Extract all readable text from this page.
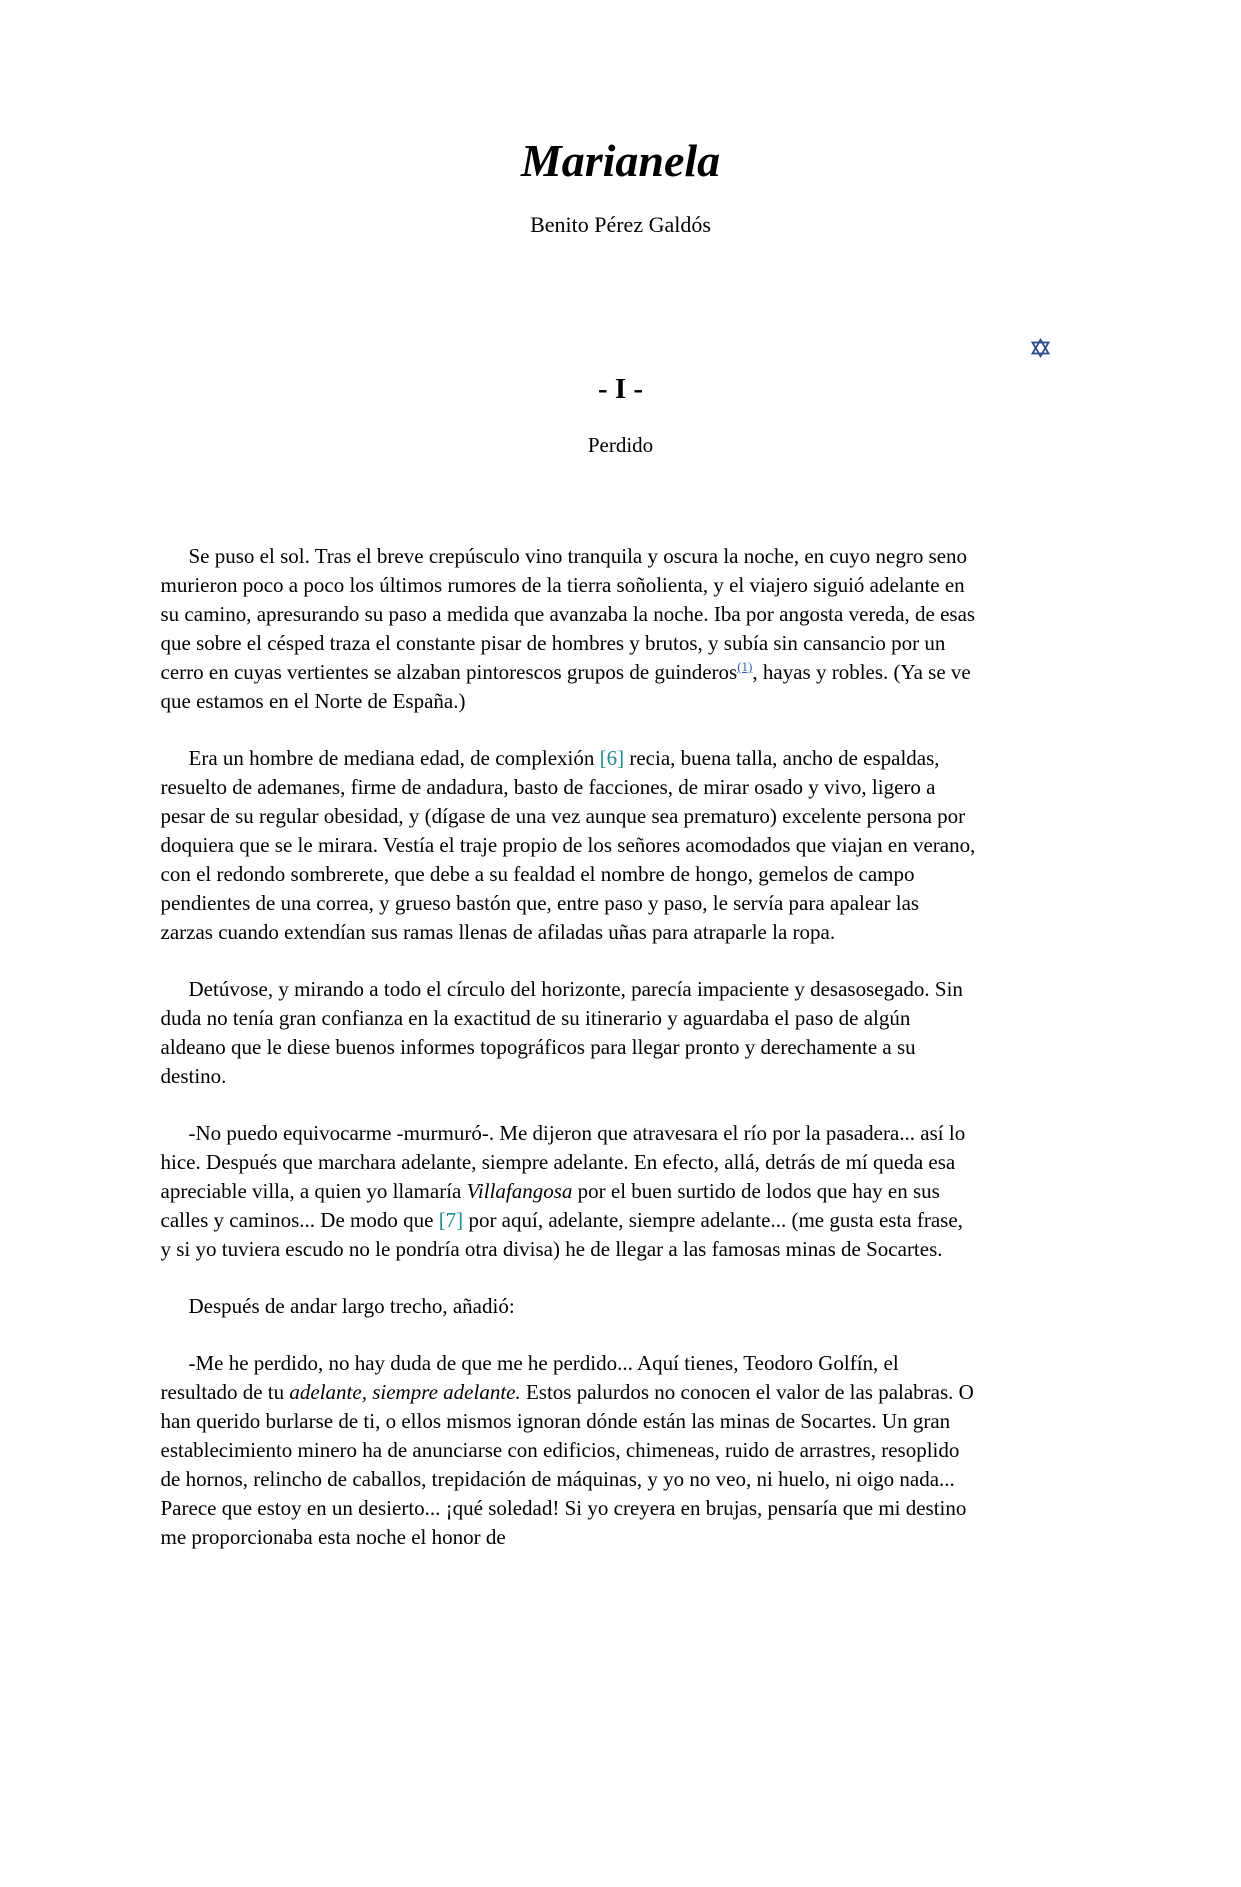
Marianela

Benito Pérez Galdós

- I -

Perdido

Se puso el sol. Tras el breve crepúsculo vino tranquila y oscura la noche, en cuyo negro seno murieron poco a poco los últimos rumores de la tierra soñolienta, y el viajero siguió adelante en su camino, apresurando su paso a medida que avanzaba la noche. Iba por angosta vereda, de esas que sobre el césped traza el constante pisar de hombres y brutos, y subía sin cansancio por un cerro en cuyas vertientes se alzaban pintorescos grupos de guinderos$^{(1)}$, hayas y robles. (Ya se ve que estamos en el Norte de España.)

Era un hombre de mediana edad, de complexión [6] recia, buena talla, ancho de espaldas, resuelto de ademanes, firme de andadura, basto de facciones, de mirar osado y vivo, ligero a pesar de su regular obesidad, y (dígase de una vez aunque sea prematuro) excelente persona por doquiera que se le mirara. Vestía el traje propio de los señores acomodados que viajan en verano, con el redondo sombrerete, que debe a su fealdad el nombre de hongo, gemelos de campo pendientes de una correa, y grueso bastón que, entre paso y paso, le servía para apalear las zarzas cuando extendían sus ramas llenas de afiladas uñas para atraparle la ropa.

Detúvose, y mirando a todo el círculo del horizonte, parecía impaciente y desasosegado. Sin duda no tenía gran confianza en la exactitud de su itinerario y aguardaba el paso de algún aldeano que le diese buenos informes topográficos para llegar pronto y derechamente a su destino.

-No puedo equivocarme -murmuró-. Me dijeron que atravesara el río por la pasadera... así lo hice. Después que marchara adelante, siempre adelante. En efecto, allá, detrás de mí queda esa apreciable villa, a quien yo llamaría Villafangosa por el buen surtido de lodos que hay en sus calles y caminos... De modo que [7] por aquí, adelante, siempre adelante... (me gusta esta frase, y si yo tuviera escudo no le pondría otra divisa) he de llegar a las famosas minas de Socartes.

Después de andar largo trecho, añadió:

-Me he perdido, no hay duda de que me he perdido... Aquí tienes, Teodoro Golfín, el resultado de tu adelante, siempre adelante. Estos palurdos no conocen el valor de las palabras. O han querido burlarse de ti, o ellos mismos ignoran dónde están las minas de Socartes. Un gran establecimiento minero ha de anunciarse con edificios, chimeneas, ruido de arrastres, resoplido de hornos, relincho de caballos, trepidación de máquinas, y yo no veo, ni huelo, ni oigo nada... Parece que estoy en un desierto... ¡qué soledad! Si yo creyera en brujas, pensaría que mi destino me proporcionaba esta noche el honor de
